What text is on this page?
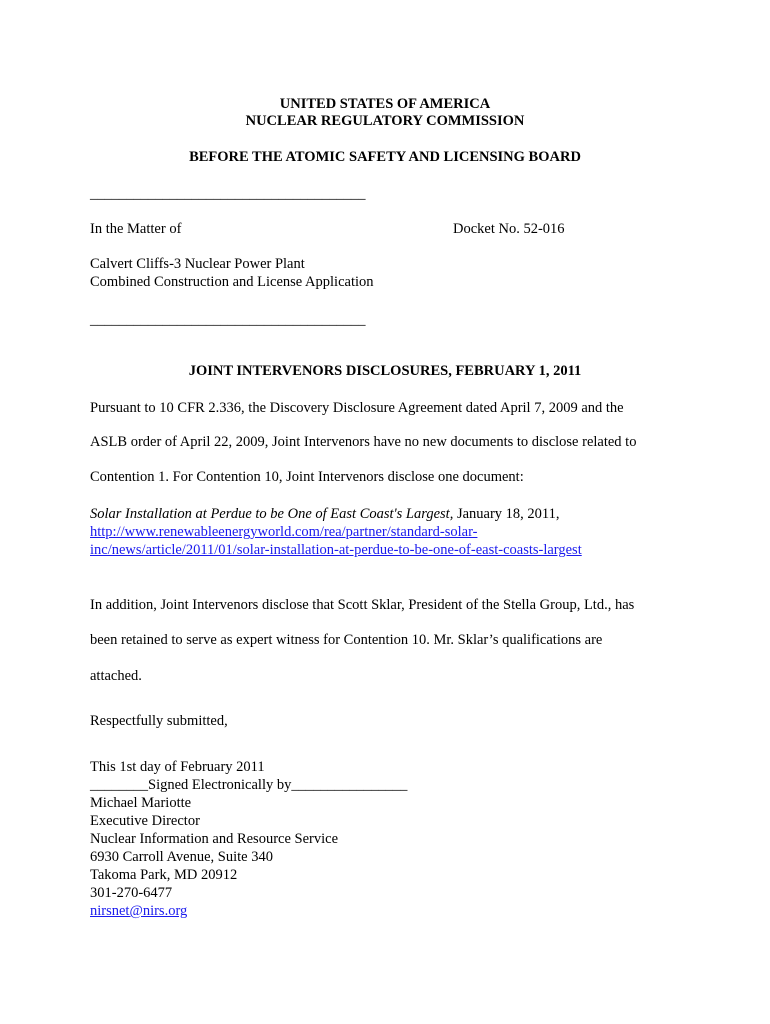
UNITED STATES OF AMERICA
NUCLEAR REGULATORY COMMISSION
BEFORE THE ATOMIC SAFETY AND LICENSING BOARD
______________________________________
In the Matter of	Docket No. 52-016
Calvert Cliffs-3 Nuclear Power Plant
Combined Construction and License Application
______________________________________
JOINT INTERVENORS DISCLOSURES, FEBRUARY 1, 2011
Pursuant to 10 CFR 2.336, the Discovery Disclosure Agreement dated April 7, 2009 and the
ASLB order of April 22, 2009, Joint Intervenors have no new documents to disclose related to
Contention 1. For Contention 10, Joint Intervenors disclose one document:
Solar Installation at Perdue to be One of East Coast's Largest, January 18, 2011,
http://www.renewableenergyworld.com/rea/partner/standard-solar-
inc/news/article/2011/01/solar-installation-at-perdue-to-be-one-of-east-coasts-largest
In addition, Joint Intervenors disclose that Scott Sklar, President of the Stella Group, Ltd., has
been retained to serve as expert witness for Contention 10. Mr. Sklar’s qualifications are
attached.
Respectfully submitted,
This 1st day of February 2011
________Signed Electronically by________________
Michael Mariotte
Executive Director
Nuclear Information and Resource Service
6930 Carroll Avenue, Suite 340
Takoma Park, MD 20912
301-270-6477
nirsnet@nirs.org
